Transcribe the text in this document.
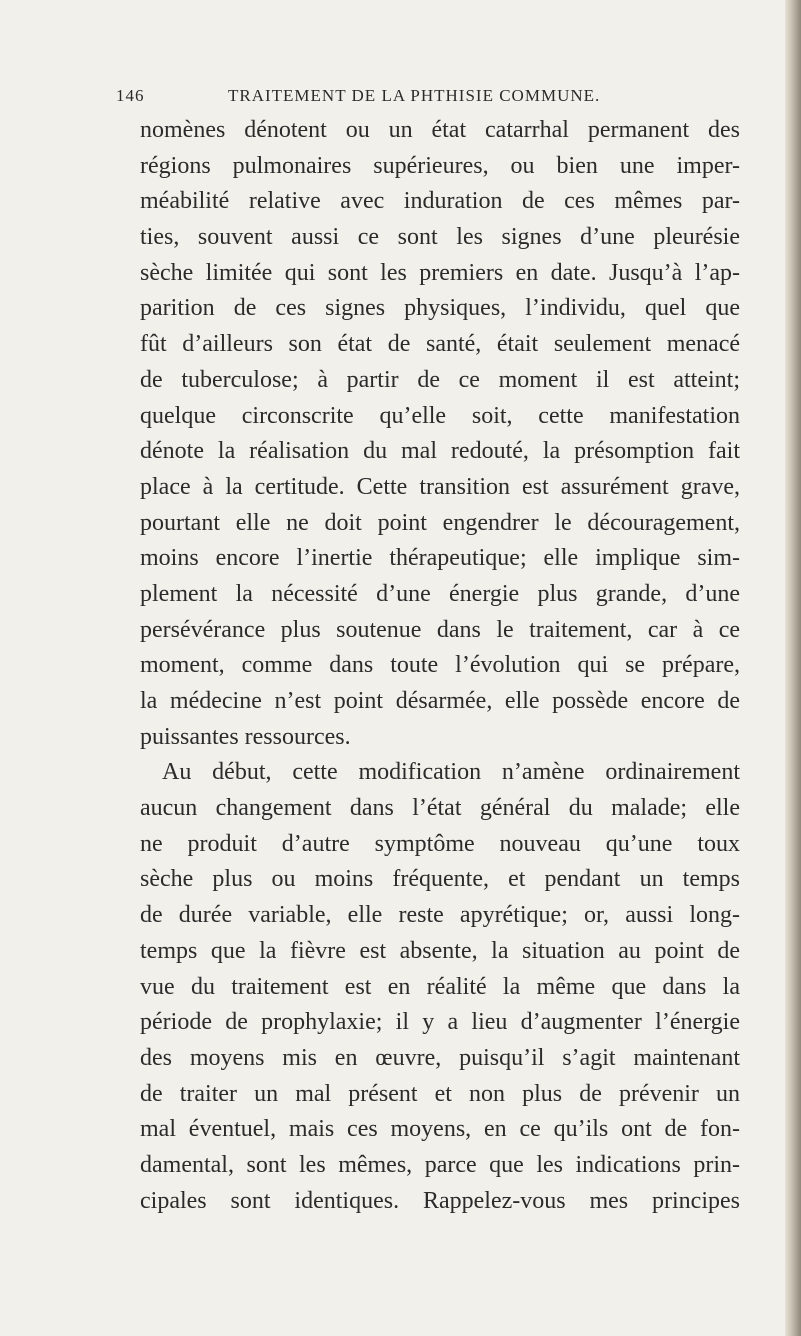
146	TRAITEMENT DE LA PHTHISIE COMMUNE.
nomènes dénotent ou un état catarrhal permanent des
régions pulmonaires supérieures, ou bien une imper-
méabilité relative avec induration de ces mêmes par-
ties, souvent aussi ce sont les signes d’une pleurésie
sèche limitée qui sont les premiers en date. Jusqu’à l’ap-
parition de ces signes physiques, l’individu, quel que
fût d’ailleurs son état de santé, était seulement menacé
de tuberculose; à partir de ce moment il est atteint;
quelque circonscrite qu’elle soit, cette manifestation
dénote la réalisation du mal redouté, la présomption fait
place à la certitude. Cette transition est assurément grave,
pourtant elle ne doit point engendrer le découragement,
moins encore l’inertie thérapeutique; elle implique sim-
plement la nécessité d’une énergie plus grande, d’une
persévérance plus soutenue dans le traitement, car à ce
moment, comme dans toute l’évolution qui se prépare,
la médecine n’est point désarmée, elle possède encore de
puissantes ressources.
Au début, cette modification n’amène ordinairement
aucun changement dans l’état général du malade; elle
ne produit d’autre symptôme nouveau qu’une toux
sèche plus ou moins fréquente, et pendant un temps
de durée variable, elle reste apyrétique; or, aussi long-
temps que la fièvre est absente, la situation au point de
vue du traitement est en réalité la même que dans la
période de prophylaxie; il y a lieu d’augmenter l’énergie
des moyens mis en œuvre, puisqu’il s’agit maintenant
de traiter un mal présent et non plus de prévenir un
mal éventuel, mais ces moyens, en ce qu’ils ont de fon-
damental, sont les mêmes, parce que les indications prin-
cipales sont identiques. Rappelez-vous mes principes
